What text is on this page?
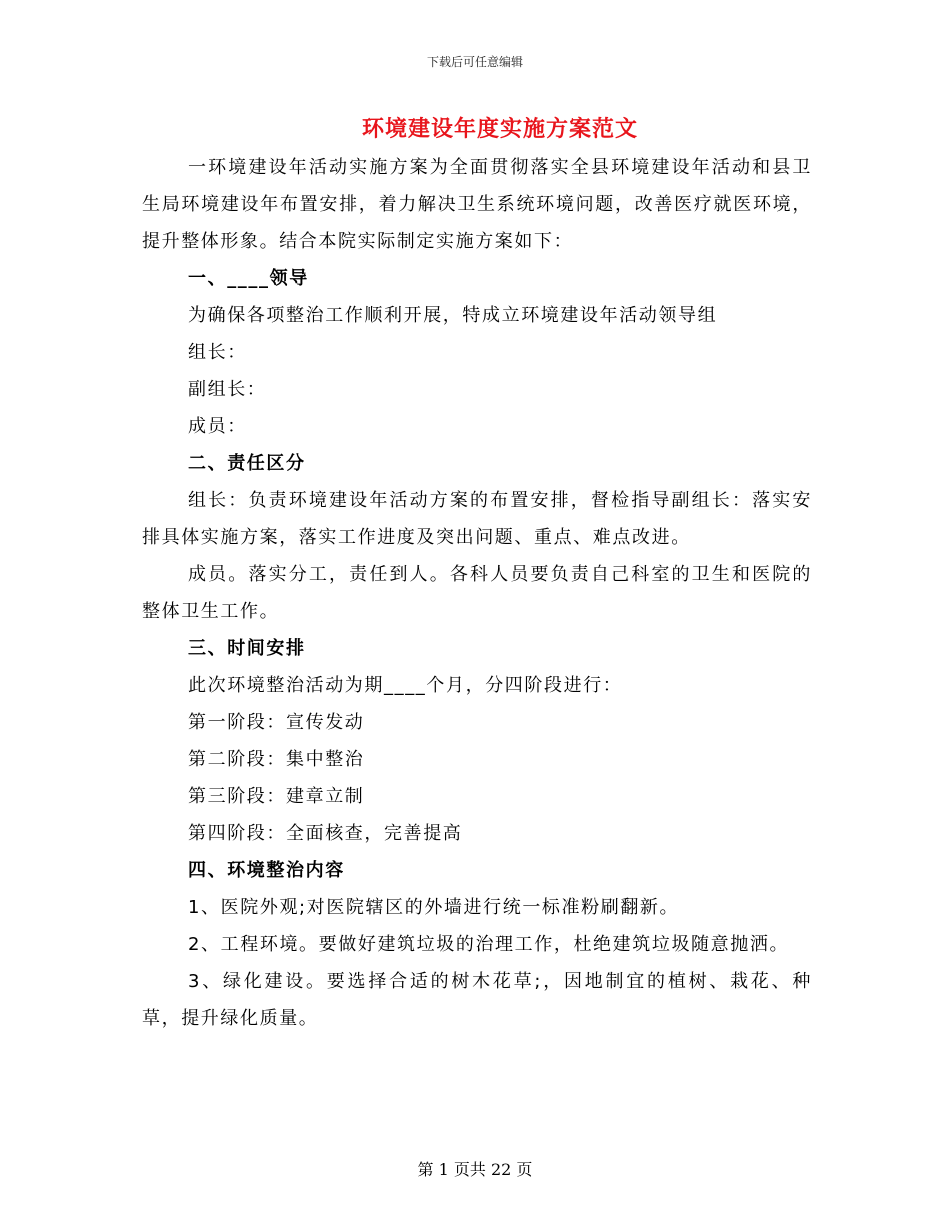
下载后可任意编辑
环境建设年度实施方案范文

一环境建设年活动实施方案为全面贯彻落实全县环境建设年活动和县卫生局环境建设年布置安排，着力解决卫生系统环境问题，改善医疗就医环境，提升整体形象。结合本院实际制定实施方案如下：

一、____领导

为确保各项整治工作顺利开展，特成立环境建设年活动领导组

组长：

副组长：

成员：

二、责任区分

组长：负责环境建设年活动方案的布置安排，督检指导副组长：落实安排具体实施方案，落实工作进度及突出问题、重点、难点改进。

成员。落实分工，责任到人。各科人员要负责自己科室的卫生和医院的整体卫生工作。

三、时间安排

此次环境整治活动为期____个月，分四阶段进行：

第一阶段：宣传发动

第二阶段：集中整治

第三阶段：建章立制

第四阶段：全面核查，完善提高

四、环境整治内容

1、医院外观;对医院辖区的外墙进行统一标准粉刷翻新。

2、工程环境。要做好建筑垃圾的治理工作，杜绝建筑垃圾随意抛洒。

3、绿化建设。要选择合适的树木花草;，因地制宜的植树、栽花、种草，提升绿化质量。

第 1 页共 22 页
